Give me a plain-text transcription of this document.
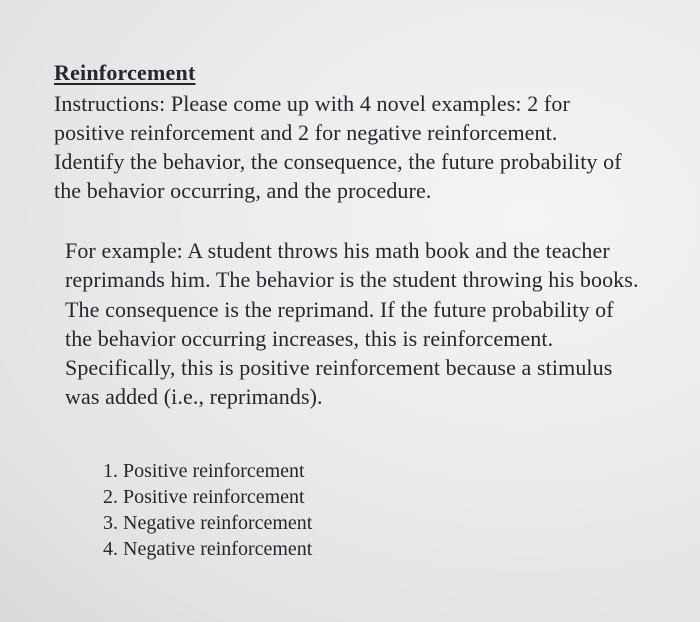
Reinforcement
Instructions: Please come up with 4 novel examples: 2 for
positive reinforcement and 2 for negative reinforcement.
Identify the behavior, the consequence, the future probability of
the behavior occurring, and the procedure.
For example: A student throws his math book and the teacher
reprimands him. The behavior is the student throwing his books.
The consequence is the reprimand. If the future probability of
the behavior occurring increases, this is reinforcement.
Specifically, this is positive reinforcement because a stimulus
was added (i.e., reprimands).
1. Positive reinforcement
2. Positive reinforcement
3. Negative reinforcement
4. Negative reinforcement
